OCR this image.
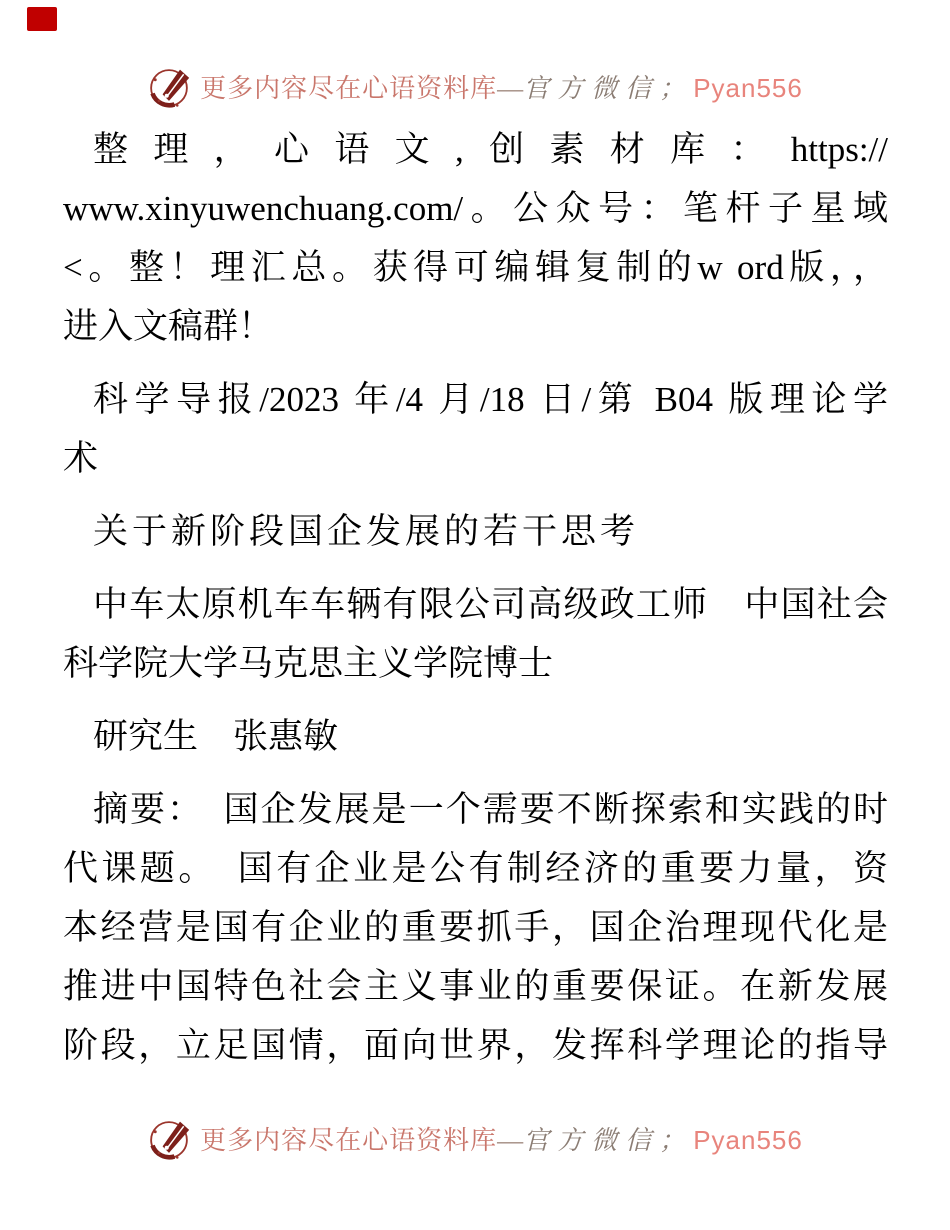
更多内容尽在心语资料库—官方微信；Pyan556
整理，心语文,创素材库：https://
www.xinyuwenchuang.com/。公众号：笔杆子星域
<。整！理汇总。获得可编辑复制的w ord版，，
进入文稿群！
科学导报/2023 年/4 月/18 日/第 B04 版理论学
术
关于新阶段国企发展的若干思考
中车太原机车车辆有限公司高级政工师　中国社会
科学院大学马克思主义学院博士
研究生　张惠敏
摘要：　国企发展是一个需要不断探索和实践的时
代课题。　国有企业是公有制经济的重要力量，资
本经营是国有企业的重要抓手，国企治理现代化是
推进中国特色社会主义事业的重要保证。在新发展
阶段，立足国情，面向世界，发挥科学理论的指导
更多内容尽在心语资料库—官方微信；Pyan556
